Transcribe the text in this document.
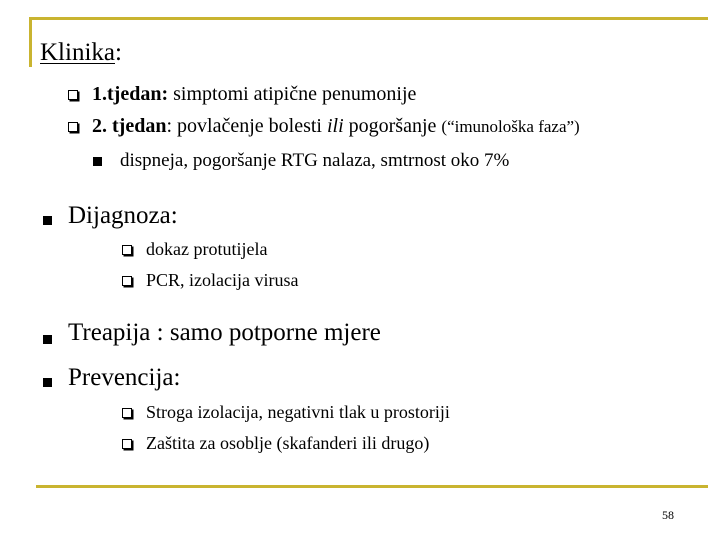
Klinika:
1.tjedan: simptomi atipične penumonije
2. tjedan: povlačenje bolesti ili pogoršanje (“imunološka faza”)
dispneja, pogoršanje RTG nalaza, smtrnost oko 7%
Dijagnoza:
dokaz protutijela
PCR, izolacija virusa
Treapija : samo potporne mjere
Prevencija:
Stroga izolacija, negativni tlak u prostoriji
Zaštita za osoblje (skafanderi ili drugo)
58
